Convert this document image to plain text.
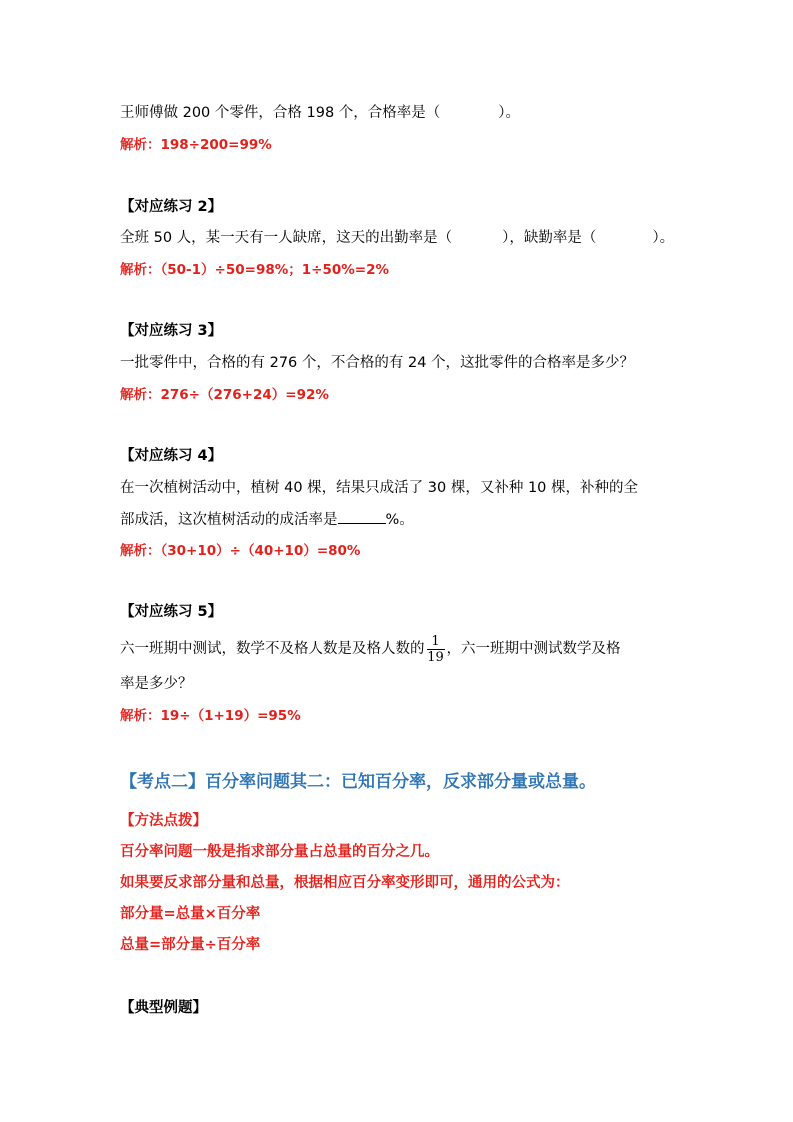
王师傅做 200 个零件，合格 198 个，合格率是（	）。
解析：198÷200=99%
【对应练习 2】
全班 50 人，某一天有一人缺席，这天的出勤率是（	），缺勤率是（	）。
解析：（50-1）÷50=98%；1÷50%=2%
【对应练习 3】
一批零件中，合格的有 276 个，不合格的有 24 个，这批零件的合格率是多少？
解析：276÷（276+24）=92%
【对应练习 4】
在一次植树活动中，植树 40 棵，结果只成活了 30 棵，又补种 10 棵，补种的全
部成活，这次植树活动的成活率是	%。
解析：（30+10）÷（40+10）=80%
【对应练习 5】
六一班期中测试，数学不及格人数是及格人数的 $\frac{1}{19}$ ，六一班期中测试数学及格
率是多少？
解析：19÷（1+19）=95%
【考点二】百分率问题其二：已知百分率，反求部分量或总量。
【方法点拨】
百分率问题一般是指求部分量占总量的百分之几。
如果要反求部分量和总量，根据相应百分率变形即可，通用的公式为：
部分量=总量×百分率
总量=部分量÷百分率
【典型例题】
